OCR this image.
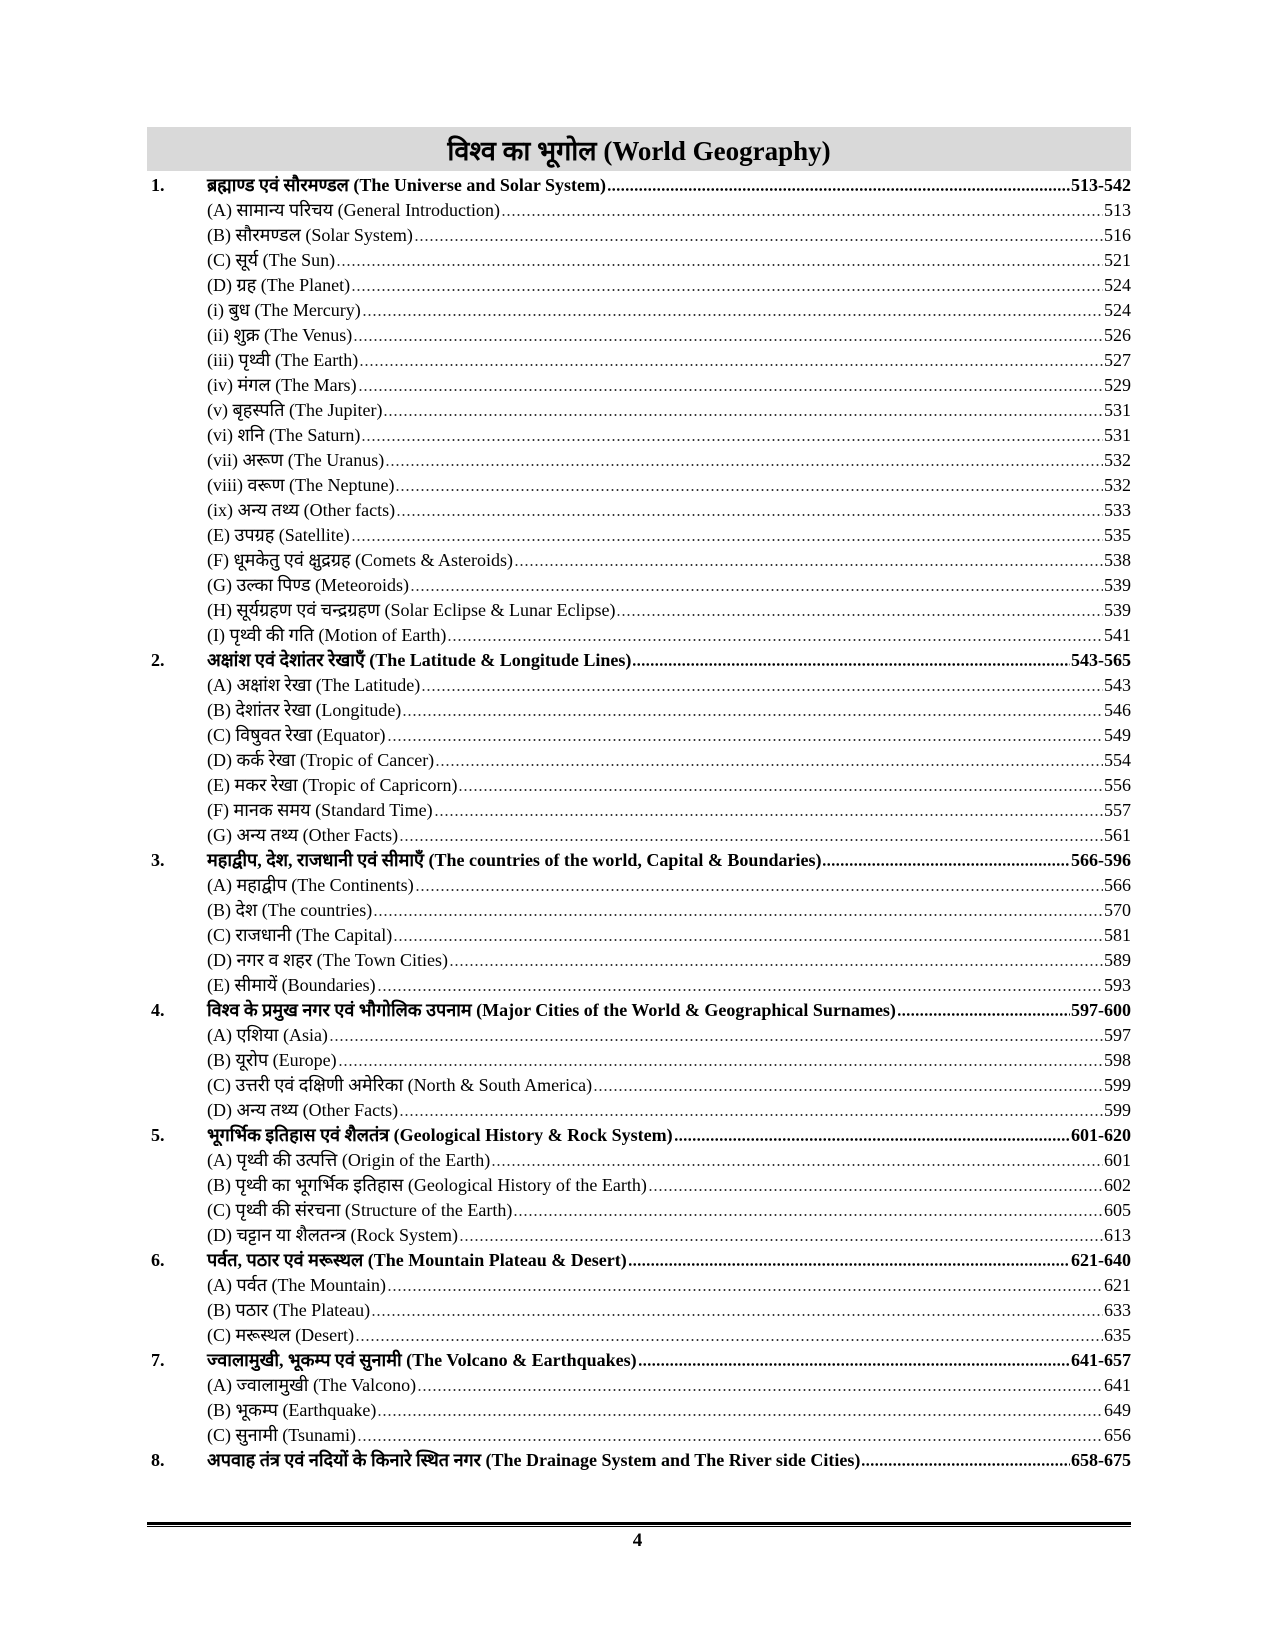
विश्व का भूगोल (World Geography)
1.	ब्रह्माण्ड एवं सौरमण्डल (The Universe and Solar System)	513-542
(A) सामान्य परिचय (General Introduction)	513
(B) सौरमण्डल (Solar System)	516
(C) सूर्य (The Sun)	521
(D) ग्रह (The Planet)	524
(i) बुध (The Mercury)	524
(ii) शुक्र (The Venus)	526
(iii) पृथ्वी (The Earth)	527
(iv) मंगल (The Mars)	529
(v) बृहस्पति (The Jupiter)	531
(vi) शनि (The Saturn)	531
(vii) अरूण (The Uranus)	532
(viii) वरूण (The Neptune)	532
(ix) अन्य तथ्य (Other facts)	533
(E) उपग्रह (Satellite)	535
(F) धूमकेतु एवं क्षुद्रग्रह (Comets & Asteroids)	538
(G) उल्का पिण्ड (Meteoroids)	539
(H) सूर्यग्रहण एवं चन्द्रग्रहण (Solar Eclipse & Lunar Eclipse)	539
(I) पृथ्वी की गति (Motion of Earth)	541
2.	अक्षांश एवं देशांतर रेखाएँ (The Latitude & Longitude Lines)	543-565
(A) अक्षांश रेखा (The Latitude)	543
(B) देशांतर रेखा (Longitude)	546
(C) विषुवत रेखा (Equator)	549
(D) कर्क रेखा (Tropic of Cancer)	554
(E) मकर रेखा (Tropic of Capricorn)	556
(F) मानक समय (Standard Time)	557
(G) अन्य तथ्य (Other Facts)	561
3.	महाद्वीप, देश, राजधानी एवं सीमाएँ (The countries of the world, Capital & Boundaries)	566-596
(A) महाद्वीप (The Continents)	566
(B) देश (The countries)	570
(C) राजधानी (The Capital)	581
(D) नगर व शहर (The Town Cities)	589
(E) सीमायें (Boundaries)	593
4.	विश्व के प्रमुख नगर एवं भौगोलिक उपनाम (Major Cities of the World & Geographical Surnames)	597-600
(A) एशिया (Asia)	597
(B) यूरोप (Europe)	598
(C) उत्तरी एवं दक्षिणी अमेरिका (North & South America)	599
(D) अन्य तथ्य (Other Facts)	599
5.	भूगर्भिक इतिहास एवं शैलतंत्र (Geological History & Rock System)	601-620
(A) पृथ्वी की उत्पत्ति (Origin of the Earth)	601
(B) पृथ्वी का भूगर्भिक इतिहास (Geological History of the Earth)	602
(C) पृथ्वी की संरचना (Structure of the Earth)	605
(D) चट्टान या शैलतन्त्र (Rock System)	613
6.	पर्वत, पठार एवं मरूस्थल (The Mountain Plateau & Desert)	621-640
(A) पर्वत (The Mountain)	621
(B) पठार (The Plateau)	633
(C) मरूस्थल (Desert)	635
7.	ज्वालामुखी, भूकम्प एवं सुनामी (The Volcano & Earthquakes)	641-657
(A) ज्वालामुखी (The Valcono)	641
(B) भूकम्प (Earthquake)	649
(C) सुनामी (Tsunami)	656
8.	अपवाह तंत्र एवं नदियों के किनारे स्थित नगर (The Drainage System and The River side Cities)	658-675
4
